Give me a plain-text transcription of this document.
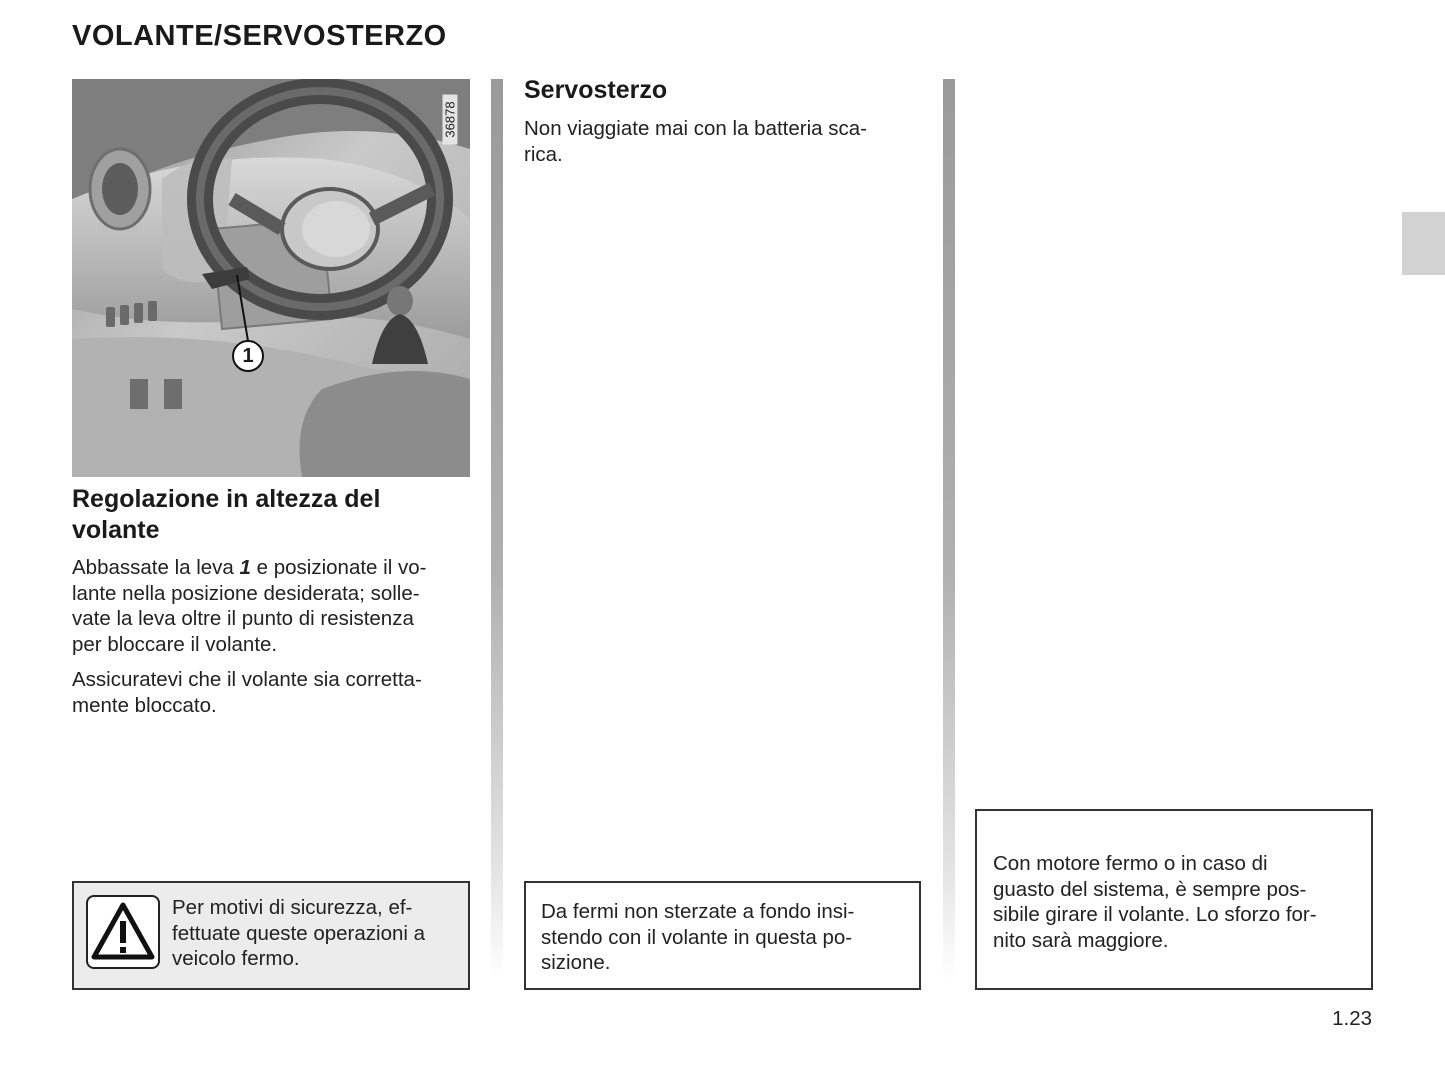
VOLANTE/SERVOSTERZO
1
36878
Regolazione in altezza del
volante

Abbassate la leva 1 e posizionate il vo-
lante nella posizione desiderata; solle-
vate la leva oltre il punto di resistenza
per bloccare il volante.

Assicuratevi che il volante sia corretta-
mente bloccato.

Per motivi di sicurezza, ef-
fettuate queste operazioni a
veicolo fermo.

Servosterzo

Non viaggiate mai con la batteria sca-
rica.

Da fermi non sterzate a fondo insi-
stendo con il volante in questa po-
sizione.

Con motore fermo o in caso di
guasto del sistema, è sempre pos-
sibile girare il volante. Lo sforzo for-
nito sarà maggiore.

1.23
